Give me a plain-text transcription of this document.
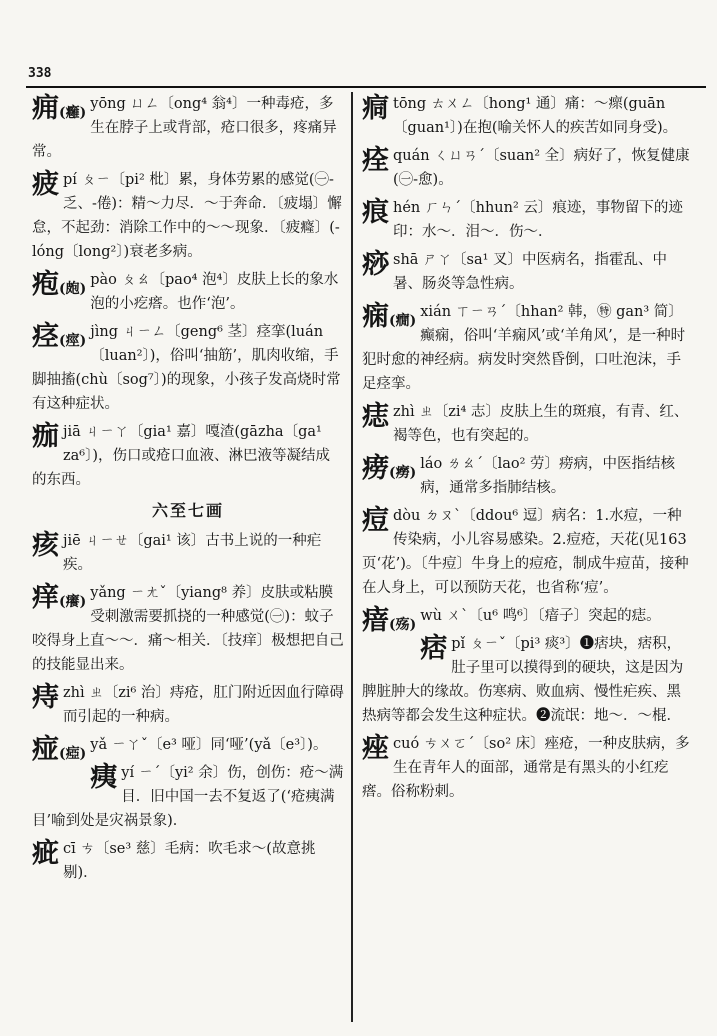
338
痈(癰)
yōng ㄩㄥ〔ong⁴ 翁⁴〕一种毒疮，多生在脖子上或背部，疮口很多，疼痛异常。
疲pí ㄆㄧ〔pi² 枇〕累，身体劳累的感觉(㊀-乏、-倦)：精～力尽．～于奔命．〔疲塌〕懈怠，不起劲：消除工作中的～～现象．〔疲癃〕(-lóng〔long²〕)衰老多病。
疱(皰)
pào ㄆㄠ〔pao⁴ 泡⁴〕皮肤上长的象水泡的小疙瘩。也作‘泡’。
痉(痙)
jìng ㄐㄧㄥ〔geng⁶ 茎〕痉挛(luán〔luan²〕)，俗叫‘抽筋’，肌肉收缩，手脚抽搐(chù〔sog⁷〕)的现象，小孩子发高烧时常有这种症状。
痂jiā ㄐㄧㄚ〔gia¹ 嘉〕嘎渣(gāzha〔ga¹ za⁶〕)，伤口或疮口血液、淋巴液等凝结成的东西。
六至七画
痎jiē ㄐㄧㄝ〔gai¹ 该〕古书上说的一种疟疾。
痒(癢)
yǎng ㄧㄤˇ〔yiang⁸ 养〕皮肤或粘膜受刺激需要抓挠的一种感觉(㊀)：蚊子咬得身上直～～．痛～相关．〔技痒〕极想把自己的技能显出来。
痔zhì ㄓ〔zi⁶ 治〕痔疮，肛门附近因血行障碍而引起的一种病。
痖(瘂)
yǎ ㄧㄚˇ〔e³ 哑〕同‘哑’(yǎ〔e³〕)。
痍yí ㄧˊ〔yi² 余〕伤，创伤：疮～满目．旧中国一去不复返了(‘疮痍满目’喻到处是灾祸景象)．
疵cī ㄘ〔se³ 慈〕毛病：吹毛求～(故意挑剔)．
痌tōng ㄊㄨㄥ〔hong¹ 通〕痛：～瘝(guān〔guan¹〕)在抱(喻关怀人的疾苦如同身受)。
痊quán ㄑㄩㄢˊ〔suan² 全〕病好了，恢复健康(㊀-愈)。
痕hén ㄏㄣˊ〔hhun² 云〕痕迹，事物留下的迹印：水～．泪～．伤～．
痧shā ㄕㄚ〔sa¹ 叉〕中医病名，指霍乱、中暑、肠炎等急性病。
痫(癇)
xián ㄒㄧㄢˊ〔hhan² 韩，㊕ gan³ 简〕癫痫，俗叫‘羊痫风’或‘羊角风’，是一种时犯时愈的神经病。病发时突然昏倒，口吐泡沫，手足痉挛。
痣zhì ㄓ〔zi⁴ 志〕皮肤上生的斑痕，有青、红、褐等色，也有突起的。
痨(癆)
láo ㄌㄠˊ〔lao² 劳〕痨病，中医指结核病，通常多指肺结核。
痘dòu ㄉㄡˋ〔ddou⁶ 逗〕病名：1.水痘，一种传染病，小儿容易感染。2.痘疮，天花(见163页‘花’)。〔牛痘〕牛身上的痘疮，制成牛痘苗，接种在人身上，可以预防天花，也省称‘痘’。
瘖(殇)
wù ㄨˋ〔u⁶ 鸣⁶〕〔瘖子〕突起的痣。
痞pǐ ㄆㄧˇ〔pi³ 痰³〕❶痞块，痞积，肚子里可以摸得到的硬块，这是因为脾脏肿大的缘故。伤寒病、败血病、慢性疟疾、黑热病等都会发生这种症状。❷流氓：地～．～棍．
痤cuó ㄘㄨㄛˊ〔so² 床〕痤疮，一种皮肤病，多生在青年人的面部，通常是有黑头的小红疙瘩。俗称粉刺。
